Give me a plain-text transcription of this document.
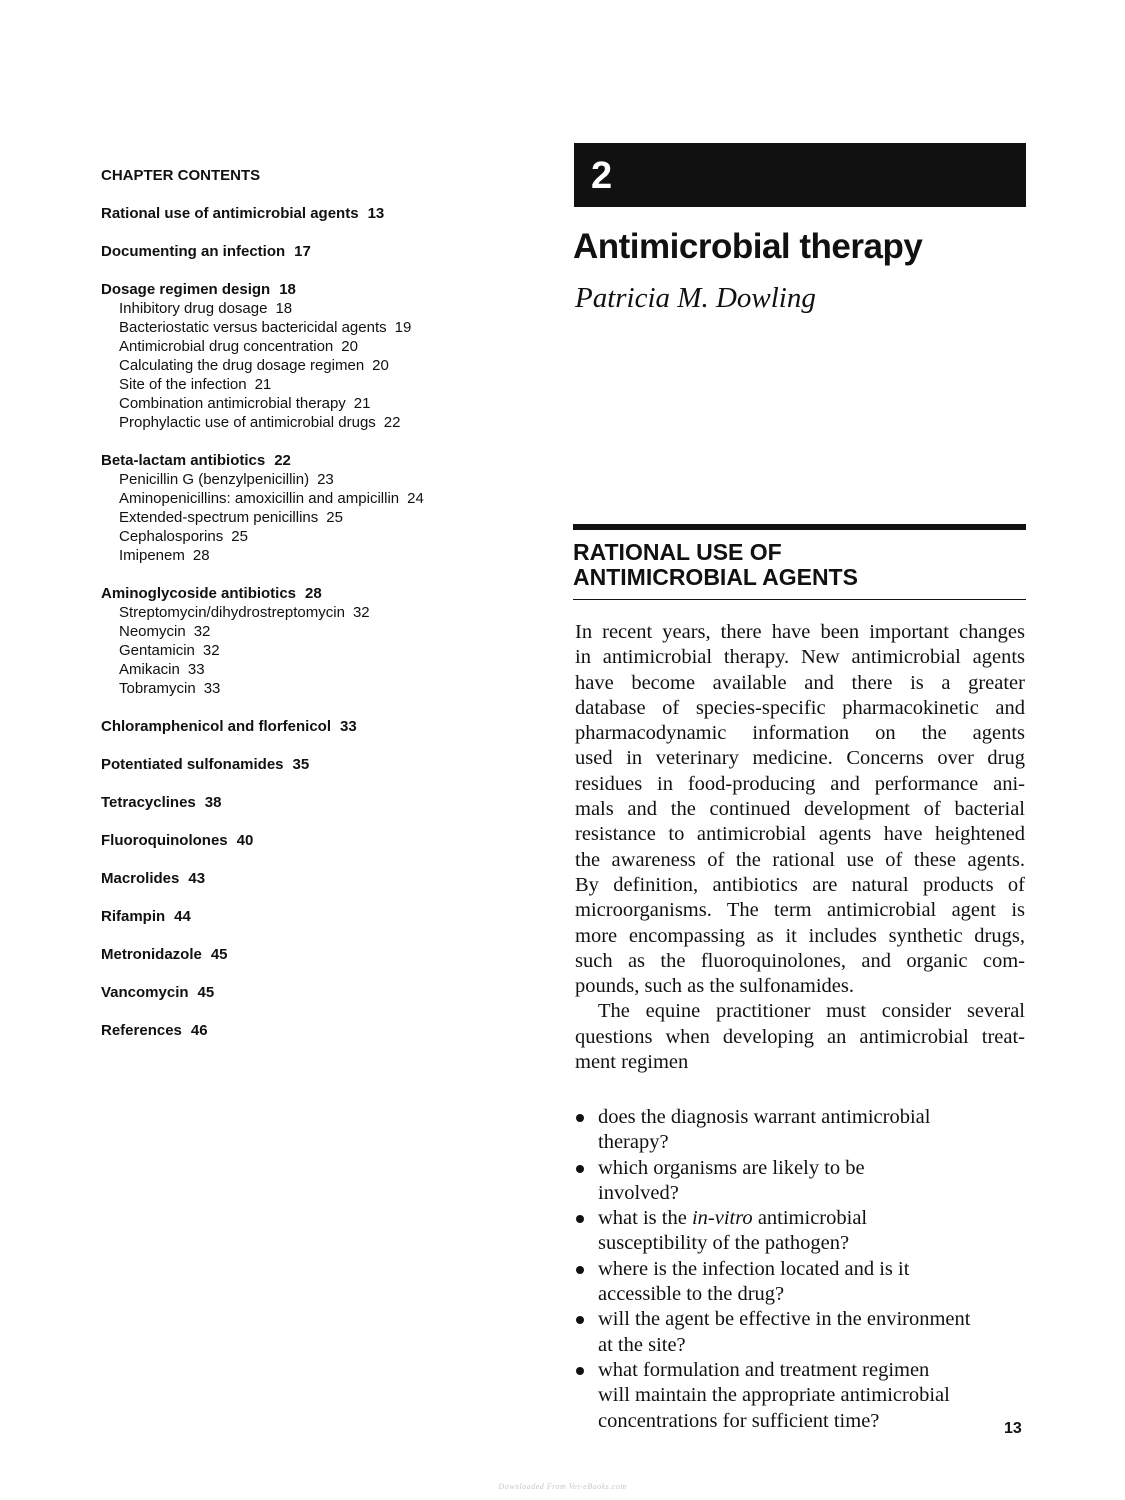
CHAPTER CONTENTS
Rational use of antimicrobial agents 13
Documenting an infection 17
Dosage regimen design 18
Inhibitory drug dosage 18
Bacteriostatic versus bactericidal agents 19
Antimicrobial drug concentration 20
Calculating the drug dosage regimen 20
Site of the infection 21
Combination antimicrobial therapy 21
Prophylactic use of antimicrobial drugs 22
Beta-lactam antibiotics 22
Penicillin G (benzylpenicillin) 23
Aminopenicillins: amoxicillin and ampicillin 24
Extended-spectrum penicillins 25
Cephalosporins 25
Imipenem 28
Aminoglycoside antibiotics 28
Streptomycin/dihydrostreptomycin 32
Neomycin 32
Gentamicin 32
Amikacin 33
Tobramycin 33
Chloramphenicol and florfenicol 33
Potentiated sulfonamides 35
Tetracyclines 38
Fluoroquinolones 40
Macrolides 43
Rifampin 44
Metronidazole 45
Vancomycin 45
References 46
2
Antimicrobial therapy
Patricia M. Dowling
RATIONAL USE OF
ANTIMICROBIAL AGENTS
In recent years, there have been important changes
in antimicrobial therapy. New antimicrobial agents
have become available and there is a greater
database of species-specific pharmacokinetic and
pharmacodynamic information on the agents
used in veterinary medicine. Concerns over drug
residues in food-producing and performance ani-
mals and the continued development of bacterial
resistance to antimicrobial agents have heightened
the awareness of the rational use of these agents.
By definition, antibiotics are natural products of
microorganisms. The term antimicrobial agent is
more encompassing as it includes synthetic drugs,
such as the fluoroquinolones, and organic com-
pounds, such as the sulfonamides.
The equine practitioner must consider several
questions when developing an antimicrobial treat-
ment regimen
does the diagnosis warrant antimicrobial
therapy?
which organisms are likely to be
involved?
what is the in-vitro antimicrobial
susceptibility of the pathogen?
where is the infection located and is it
accessible to the drug?
will the agent be effective in the environment
at the site?
what formulation and treatment regimen
will maintain the appropriate antimicrobial
concentrations for sufficient time?	13
Downloaded From Vet-eBooks.com
